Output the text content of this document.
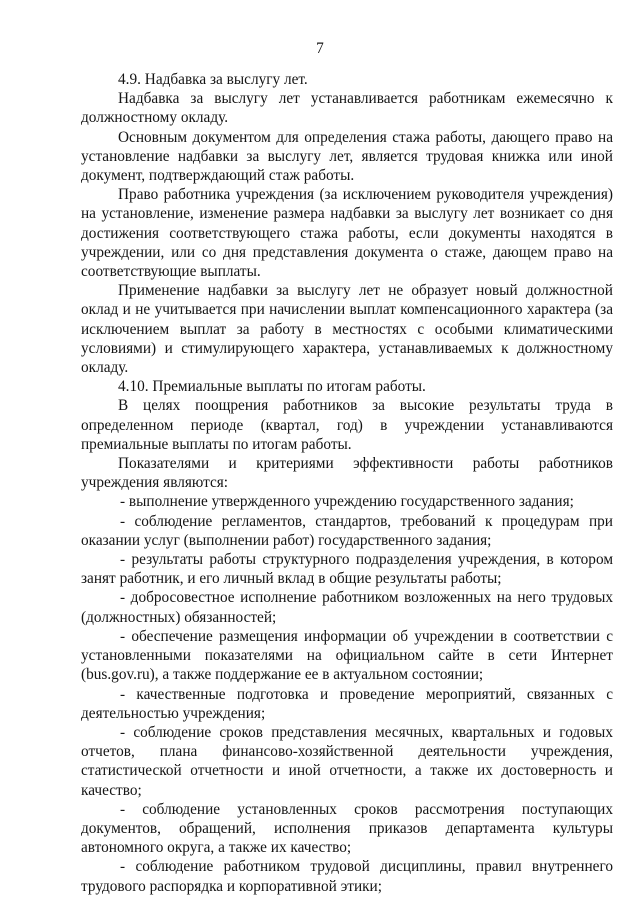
7

4.9. Надбавка за выслугу лет.

Надбавка за выслугу лет устанавливается работникам ежемесячно к должностному окладу.

Основным документом для определения стажа работы, дающего право на установление надбавки за выслугу лет, является трудовая книжка или иной документ, подтверждающий стаж работы.

Право работника учреждения (за исключением руководителя учреждения) на установление, изменение размера надбавки за выслугу лет возникает со дня достижения соответствующего стажа работы, если документы находятся в учреждении, или со дня представления документа о стаже, дающем право на соответствующие выплаты.

Применение надбавки за выслугу лет не образует новый должностной оклад и не учитывается при начислении выплат компенсационного характера (за исключением выплат за работу в местностях с особыми климатическими условиями) и стимулирующего характера, устанавливаемых к должностному окладу.

4.10. Премиальные выплаты по итогам работы.

В целях поощрения работников за высокие результаты труда в определенном периоде (квартал, год) в учреждении устанавливаются премиальные выплаты по итогам работы.

Показателями и критериями эффективности работы работников учреждения являются:

- выполнение утвержденного учреждению государственного задания;

- соблюдение регламентов, стандартов, требований к процедурам при оказании услуг (выполнении работ) государственного задания;

- результаты работы структурного подразделения учреждения, в котором занят работник, и его личный вклад в общие результаты работы;

- добросовестное исполнение работником возложенных на него трудовых (должностных) обязанностей;

- обеспечение размещения информации об учреждении в соответствии с установленными показателями на официальном сайте в сети Интернет (bus.gov.ru), а также поддержание ее в актуальном состоянии;

- качественные подготовка и проведение мероприятий, связанных с деятельностью учреждения;

- соблюдение сроков представления месячных, квартальных и годовых отчетов, плана финансово-хозяйственной деятельности учреждения, статистической отчетности и иной отчетности, а также их достоверность и качество;

- соблюдение установленных сроков рассмотрения поступающих документов, обращений, исполнения приказов департамента культуры автономного округа, а также их качество;

- соблюдение работником трудовой дисциплины, правил внутреннего трудового распорядка и корпоративной этики;
